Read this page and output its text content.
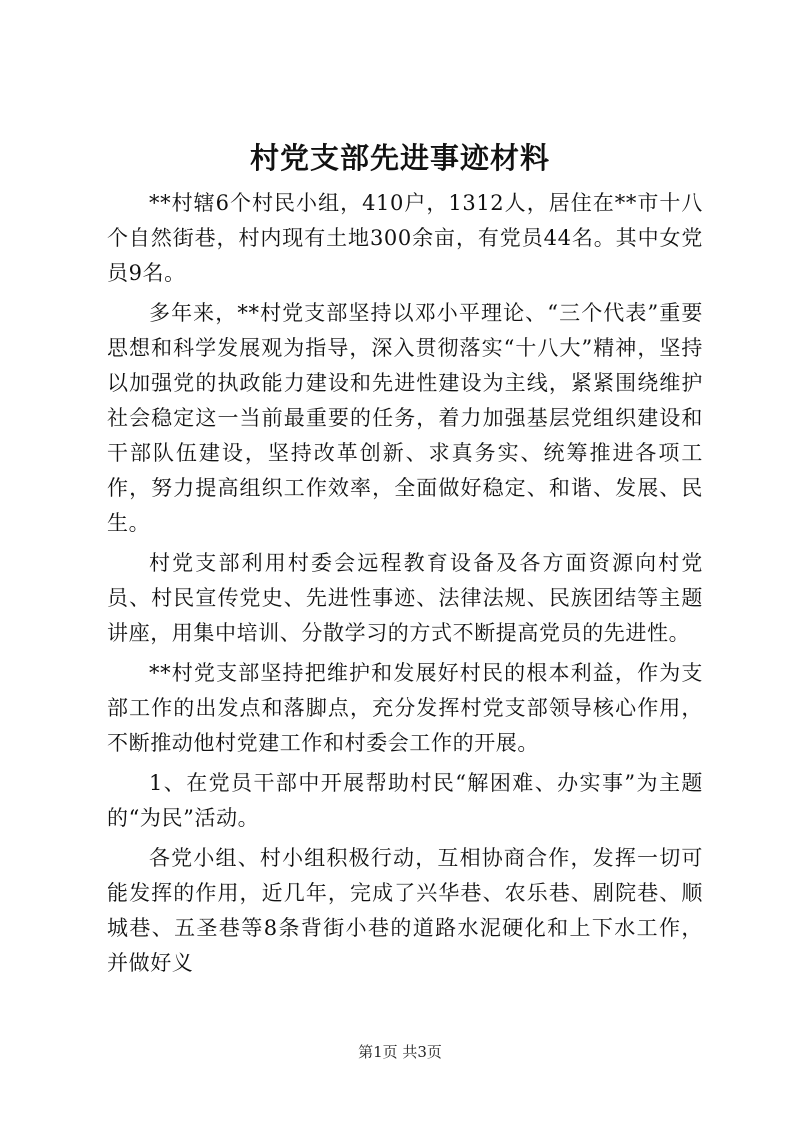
村党支部先进事迹材料

**村辖6个村民小组，410户，1312人，居住在**市十八个自然街巷，村内现有土地300余亩，有党员44名。其中女党员9名。

多年来，**村党支部坚持以邓小平理论、“三个代表”重要思想和科学发展观为指导，深入贯彻落实“十八大”精神，坚持以加强党的执政能力建设和先进性建设为主线，紧紧围绕维护社会稳定这一当前最重要的任务，着力加强基层党组织建设和干部队伍建设，坚持改革创新、求真务实、统筹推进各项工作，努力提高组织工作效率，全面做好稳定、和谐、发展、民生。

村党支部利用村委会远程教育设备及各方面资源向村党员、村民宣传党史、先进性事迹、法律法规、民族团结等主题讲座，用集中培训、分散学习的方式不断提高党员的先进性。

**村党支部坚持把维护和发展好村民的根本利益，作为支部工作的出发点和落脚点，充分发挥村党支部领导核心作用，不断推动他村党建工作和村委会工作的开展。

1、在党员干部中开展帮助村民“解困难、办实事”为主题的“为民”活动。

各党小组、村小组积极行动，互相协商合作，发挥一切可能发挥的作用，近几年，完成了兴华巷、农乐巷、剧院巷、顺城巷、五圣巷等8条背街小巷的道路水泥硬化和上下水工作，并做好义

第1页 共3页
